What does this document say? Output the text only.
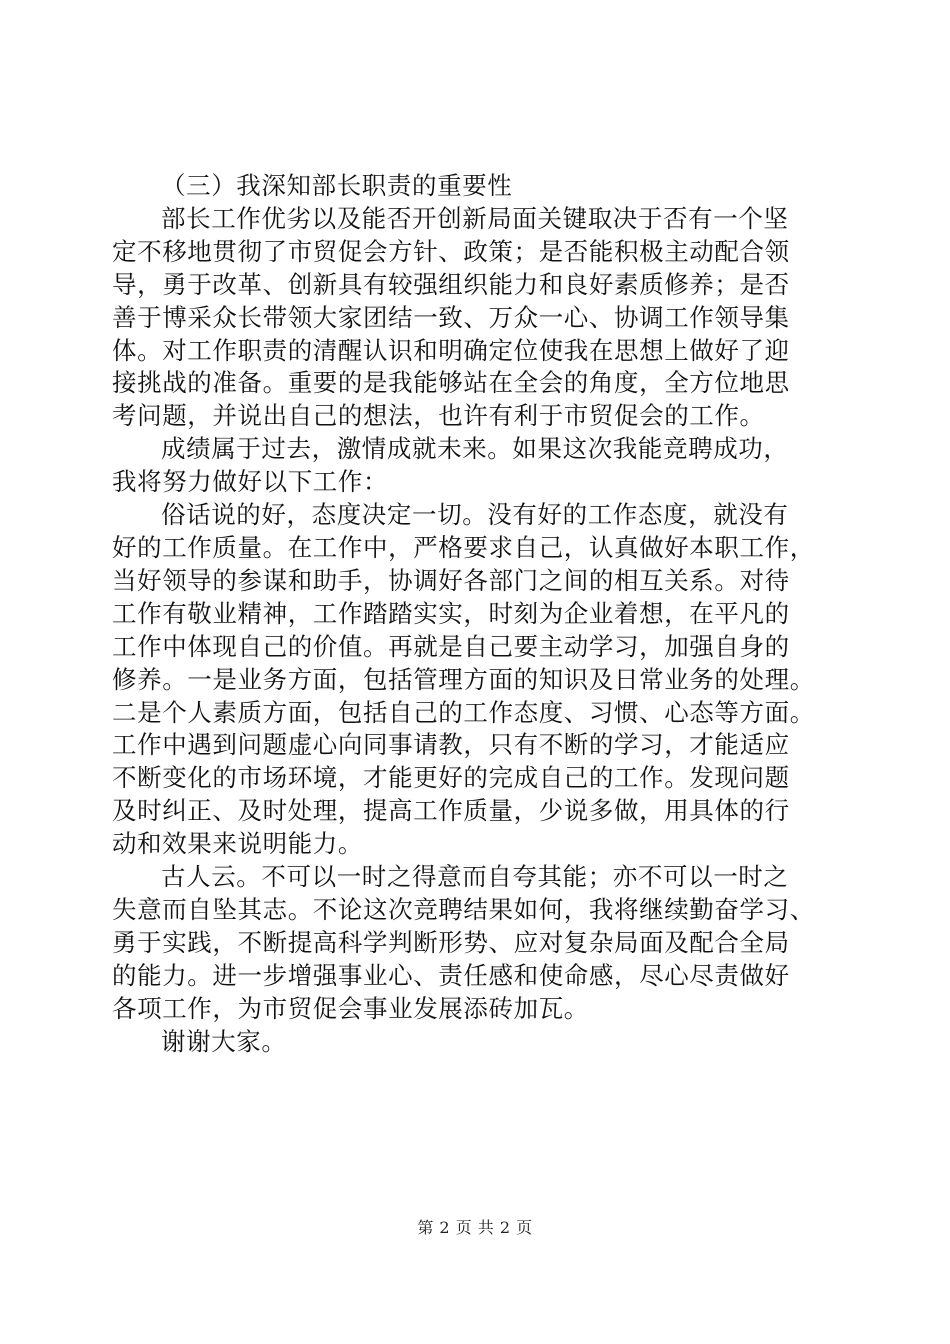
（三）我深知部长职责的重要性

部长工作优劣以及能否开创新局面关键取决于否有一个坚
定不移地贯彻了市贸促会方针、政策；是否能积极主动配合领
导，勇于改革、创新具有较强组织能力和良好素质修养；是否
善于博采众长带领大家团结一致、万众一心、协调工作领导集
体。对工作职责的清醒认识和明确定位使我在思想上做好了迎
接挑战的准备。重要的是我能够站在全会的角度，全方位地思
考问题，并说出自己的想法，也许有利于市贸促会的工作。

成绩属于过去，激情成就未来。如果这次我能竞聘成功，
我将努力做好以下工作：

俗话说的好，态度决定一切。没有好的工作态度，就没有
好的工作质量。在工作中，严格要求自己，认真做好本职工作，
当好领导的参谋和助手，协调好各部门之间的相互关系。对待
工作有敬业精神，工作踏踏实实，时刻为企业着想，在平凡的
工作中体现自己的价值。再就是自己要主动学习，加强自身的
修养。一是业务方面，包括管理方面的知识及日常业务的处理。
二是个人素质方面，包括自己的工作态度、习惯、心态等方面。
工作中遇到问题虚心向同事请教，只有不断的学习，才能适应
不断变化的市场环境，才能更好的完成自己的工作。发现问题
及时纠正、及时处理，提高工作质量，少说多做，用具体的行
动和效果来说明能力。

古人云。不可以一时之得意而自夸其能；亦不可以一时之
失意而自坠其志。不论这次竞聘结果如何，我将继续勤奋学习、
勇于实践，不断提高科学判断形势、应对复杂局面及配合全局
的能力。进一步增强事业心、责任感和使命感，尽心尽责做好
各项工作，为市贸促会事业发展添砖加瓦。

谢谢大家。

第 2 页 共 2 页
